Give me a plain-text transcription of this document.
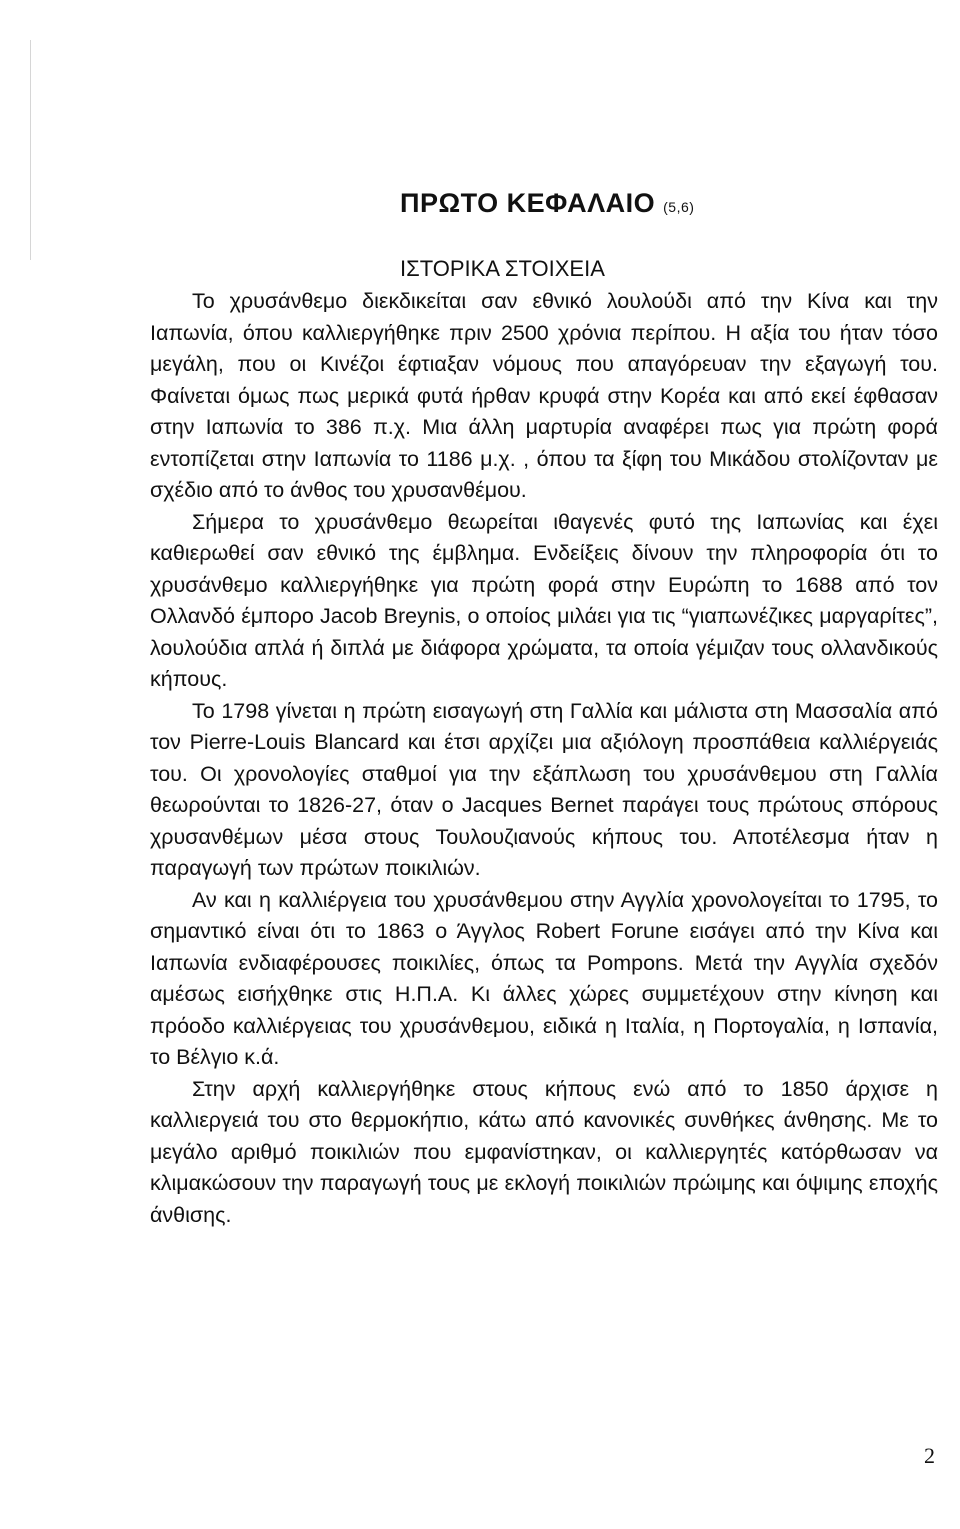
ΠΡΩΤΟ ΚΕΦΑΛΑΙΟ (5,6)
ΙΣΤΟΡΙΚΑ ΣΤΟΙΧΕΙΑ

Το χρυσάνθεμο διεκδικείται σαν εθνικό λουλούδι από την Κίνα και την Ιαπωνία, όπου καλλιεργήθηκε πριν 2500 χρόνια περίπου. Η αξία του ήταν τόσο μεγάλη, που οι Κινέζοι έφτιαξαν νόμους που απαγόρευαν την εξαγωγή του. Φαίνεται όμως πως μερικά φυτά ήρθαν κρυφά στην Κορέα και από εκεί έφθασαν στην Ιαπωνία το 386 π.χ. Μια άλλη μαρτυρία αναφέρει πως για πρώτη φορά εντοπίζεται στην Ιαπωνία το 1186 μ.χ. , όπου τα ξίφη του Μικάδου στολίζονταν με σχέδιο από το άνθος του χρυσανθέμου.

Σήμερα το χρυσάνθεμο θεωρείται ιθαγενές φυτό της Ιαπωνίας και έχει καθιερωθεί σαν εθνικό της έμβλημα. Ενδείξεις δίνουν την πληροφορία ότι το χρυσάνθεμο καλλιεργήθηκε για πρώτη φορά στην Ευρώπη το 1688 από τον Ολλανδό έμπορο Jacob Breynis, ο οποίος μιλάει για τις “γιαπωνέζικες μαργαρίτες”, λουλούδια απλά ή διπλά με διάφορα χρώματα, τα οποία γέμιζαν τους ολλανδικούς κήπους.

Το 1798 γίνεται η πρώτη εισαγωγή στη Γαλλία και μάλιστα στη Μασσαλία από τον Pierre-Louis Blancard και έτσι αρχίζει μια αξιόλογη προσπάθεια καλλιέργειάς του. Οι χρονολογίες σταθμοί για την εξάπλωση του χρυσάνθεμου στη Γαλλία θεωρούνται το 1826-27, όταν ο Jacques Bernet παράγει τους πρώτους σπόρους χρυσανθέμων μέσα στους Τουλουζιανούς κήπους του. Αποτέλεσμα ήταν η παραγωγή των πρώτων ποικιλιών.

Αν και η καλλιέργεια του χρυσάνθεμου στην Αγγλία χρονολογείται το 1795, το σημαντικό είναι ότι το 1863 ο Άγγλος Robert Forune εισάγει από την Κίνα και Ιαπωνία ενδιαφέρουσες ποικιλίες, όπως τα Pompons. Μετά την Αγγλία σχεδόν αμέσως εισήχθηκε στις Η.Π.Α. Κι άλλες χώρες συμμετέχουν στην κίνηση και πρόοδο καλλιέργειας του χρυσάνθεμου, ειδικά η Ιταλία, η Πορτογαλία, η Ισπανία, το Βέλγιο κ.ά.

Στην αρχή καλλιεργήθηκε στους κήπους ενώ από το 1850 άρχισε η καλλιεργειά του στο θερμοκήπιο, κάτω από κανονικές συνθήκες άνθησης. Με το μεγάλο αριθμό ποικιλιών που εμφανίστηκαν, οι καλλιεργητές κατόρθωσαν να κλιμακώσουν την παραγωγή τους με εκλογή ποικιλιών πρώιμης και όψιμης εποχής άνθισης.

2
